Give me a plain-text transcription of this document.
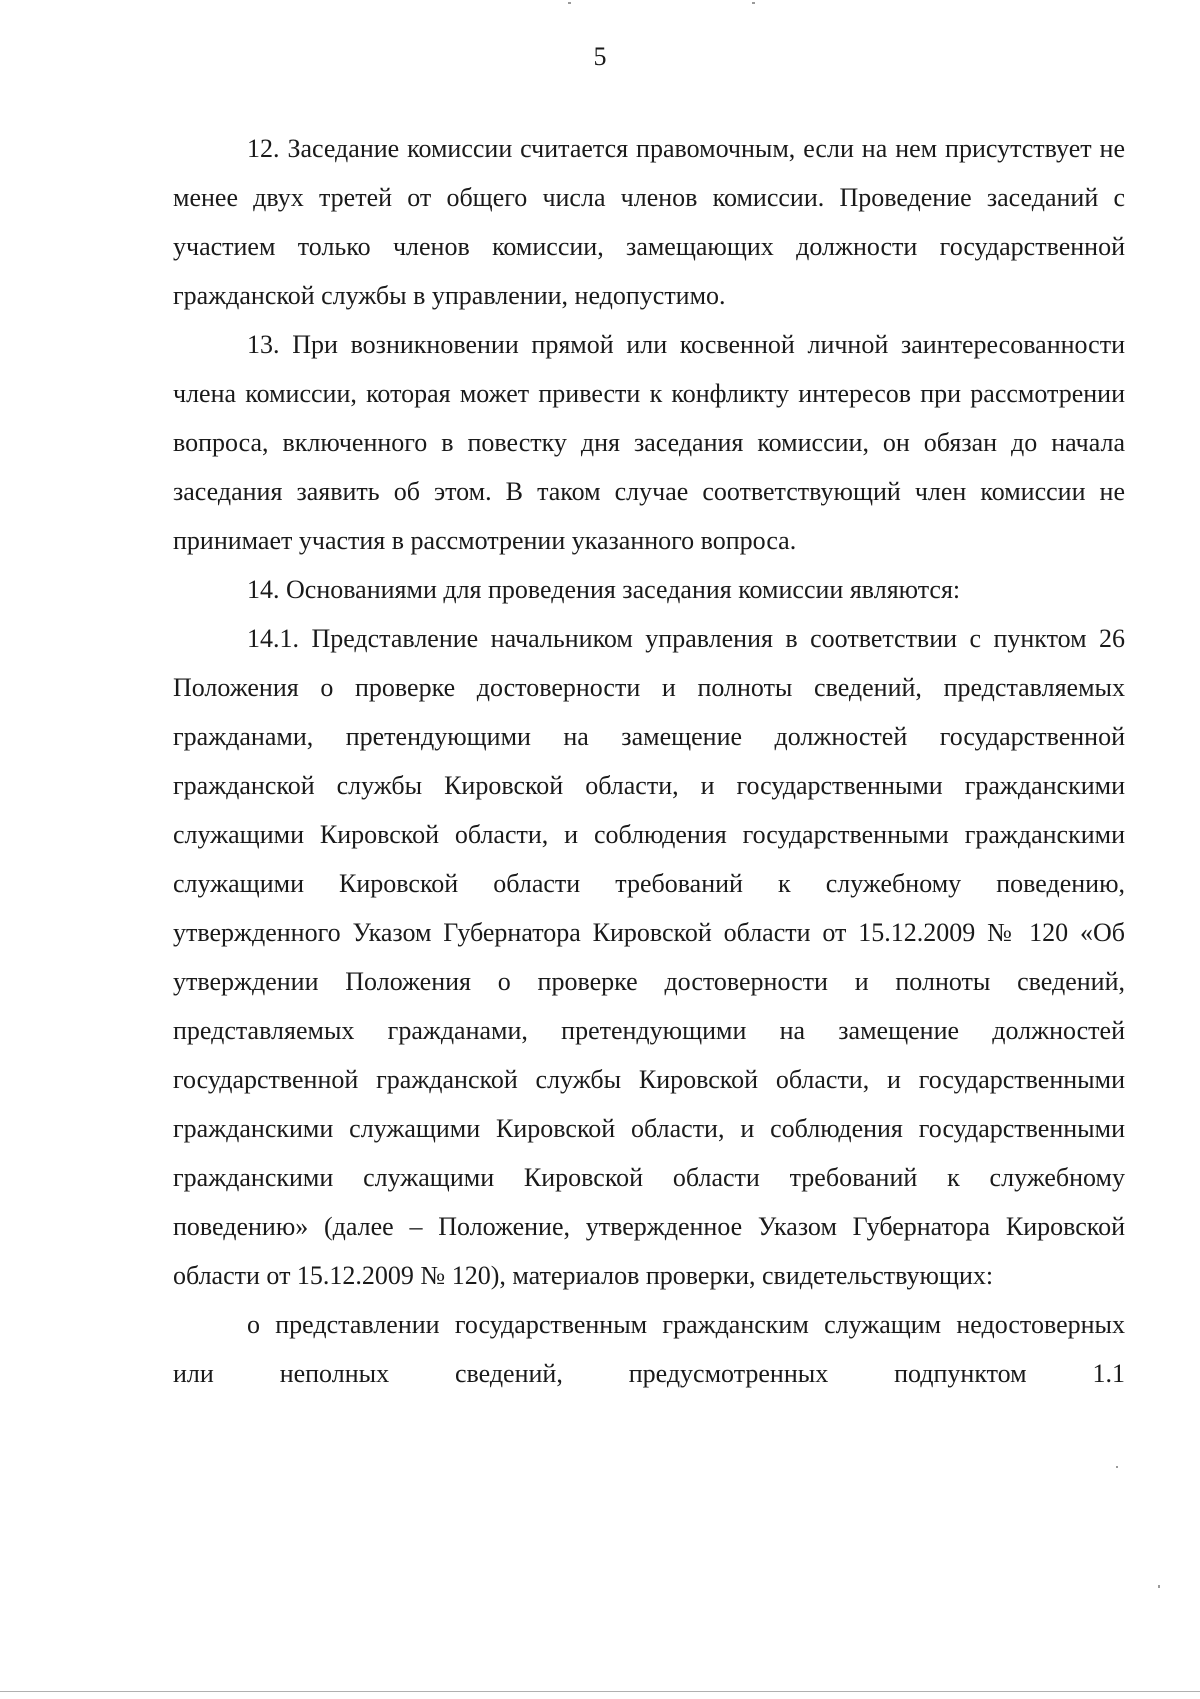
5

12. Заседание комиссии считается правомочным, если на нем присутствует не менее двух третей от общего числа членов комиссии. Проведение заседаний с участием только членов комиссии, замещающих должности государственной гражданской службы в управлении, недопустимо.

13. При возникновении прямой или косвенной личной заинтересованности члена комиссии, которая может привести к конфликту интересов при рассмотрении вопроса, включенного в повестку дня заседания комиссии, он обязан до начала заседания заявить об этом. В таком случае соответствующий член комиссии не принимает участия в рассмотрении указанного вопроса.

14. Основаниями для проведения заседания комиссии являются:

14.1. Представление начальником управления в соответствии с пунктом 26 Положения о проверке достоверности и полноты сведений, представляемых гражданами, претендующими на замещение должностей государственной гражданской службы Кировской области, и государственными гражданскими служащими Кировской области, и соблюдения государственными гражданскими служащими Кировской области требований к служебному поведению, утвержденного Указом Губернатора Кировской области от 15.12.2009 № 120 «Об утверждении Положения о проверке достоверности и полноты сведений, представляемых гражданами, претендующими на замещение должностей государственной гражданской службы Кировской области, и государственными гражданскими служащими Кировской области, и соблюдения государственными гражданскими служащими Кировской области требований к служебному поведению» (далее – Положение, утвержденное Указом Губернатора Кировской области от 15.12.2009 № 120), материалов проверки, свидетельствующих:

о представлении государственным гражданским служащим недостоверных или неполных сведений, предусмотренных подпунктом 1.1
